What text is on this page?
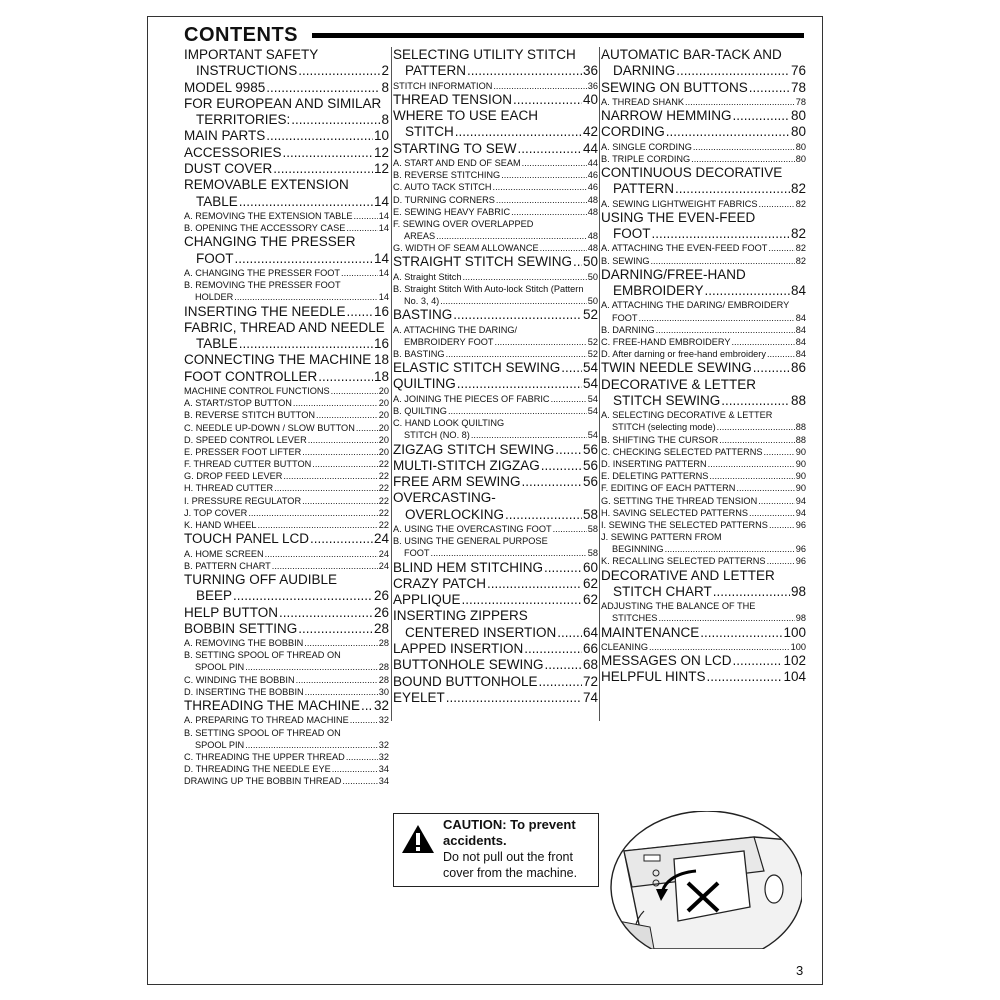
CONTENTS
IMPORTANT SAFETY
INSTRUCTIONS .....	2
MODEL 9985 .....	8
FOR EUROPEAN AND SIMILAR
TERRITORIES: .....	8
MAIN PARTS .....	10
ACCESSORIES .....	12
DUST COVER .....	12
REMOVABLE EXTENSION
TABLE .....	14
A. REMOVING THE EXTENSION TABLE .....	14
B. OPENING THE ACCESSORY CASE .....	14
CHANGING THE PRESSER
FOOT .....	14
A. CHANGING THE PRESSER FOOT .....	14
B. REMOVING THE PRESSER FOOT
HOLDER .....	14
INSERTING THE NEEDLE ..... 16
FABRIC, THREAD AND NEEDLE
TABLE .....	16
CONNECTING THE MACHINE ..... 18
FOOT CONTROLLER .....	18
MACHINE CONTROL FUNCTIONS .....	20
A. START/STOP BUTTON .....	20
B. REVERSE STITCH BUTTON .....	20
C. NEEDLE UP-DOWN / SLOW BUTTON .....	20
D. SPEED CONTROL LEVER .....	20
E. PRESSER FOOT LIFTER .....	20
F. THREAD CUTTER BUTTON .....	22
G. DROP FEED LEVER .....	22
H. THREAD CUTTER .....	22
I. PRESSURE REGULATOR .....	22
J. TOP COVER .....	22
K. HAND WHEEL .....	22
TOUCH PANEL LCD .....	24
A. HOME SCREEN .....	24
B. PATTERN CHART .....	24
TURNING OFF AUDIBLE
BEEP .....	26
HELP BUTTON .....	26
BOBBIN SETTING .....	28
A. REMOVING THE BOBBIN .....	28
B. SETTING SPOOL OF THREAD ON
SPOOL PIN .....	28
C. WINDING THE BOBBIN .....	28
D. INSERTING THE BOBBIN .....	30
THREADING THE MACHINE ..... 32
A. PREPARING TO THREAD MACHINE .....	32
B. SETTING SPOOL OF THREAD ON
SPOOL PIN .....	32
C. THREADING THE UPPER THREAD .....	32
D. THREADING THE NEEDLE EYE .....	34
DRAWING UP THE BOBBIN THREAD .....	34
SELECTING UTILITY STITCH
PATTERN .....	36
STITCH INFORMATION .....	36
THREAD TENSION .....	40
WHERE TO USE EACH
STITCH .....	42
STARTING TO SEW .....	44
A. START AND END OF SEAM .....	44
B. REVERSE STITCHING .....	46
C. AUTO TACK STITCH .....	46
D. TURNING CORNERS .....	48
E. SEWING HEAVY FABRIC .....	48
F. SEWING OVER OVERLAPPED
AREAS .....	48
G. WIDTH OF SEAM ALLOWANCE .....	48
STRAIGHT STITCH SEWING ..... 50
A. Straight Stitch .....	50
B. Straight Stitch With Auto-lock Stitch (Pattern
No. 3, 4) .....	50
BASTING .....	52
A. ATTACHING THE DARING/
EMBROIDERY FOOT .....	52
B. BASTING .....	52
ELASTIC STITCH SEWING ..... 54
QUILTING .....	54
A. JOINING THE PIECES OF FABRIC .....	54
B. QUILTING .....	54
C. HAND LOOK QUILTING
STITCH (NO. 8) .....	54
ZIGZAG STITCH SEWING ..... 56
MULTI-STITCH ZIGZAG .....	56
FREE ARM SEWING .....	56
OVERCASTING-
OVERLOCKING .....	58
A. USING THE OVERCASTING FOOT .....	58
B. USING THE GENERAL PURPOSE
FOOT .....	58
BLIND HEM STITCHING .....	60
CRAZY PATCH .....	62
APPLIQUE .....	62
INSERTING ZIPPERS
CENTERED INSERTION ..... 64
LAPPED INSERTION .....	66
BUTTONHOLE SEWING .....	68
BOUND BUTTONHOLE .....	72
EYELET .....	74
AUTOMATIC BAR-TACK AND
DARNING .....	76
SEWING ON BUTTONS .....	78
A. THREAD SHANK .....	78
NARROW HEMMING .....	80
CORDING .....	80
A. SINGLE CORDING .....	80
B. TRIPLE CORDING .....	80
CONTINUOUS DECORATIVE
PATTERN .....	82
A. SEWING LIGHTWEIGHT FABRICS .....	82
USING THE EVEN-FEED
FOOT .....	82
A. ATTACHING THE EVEN-FEED FOOT .....	82
B. SEWING .....	82
DARNING/FREE-HAND
EMBROIDERY .....	84
A. ATTACHING THE DARING/ EMBROIDERY
FOOT .....	84
B. DARNING .....	84
C. FREE-HAND EMBROIDERY .....	84
D. After darning or free-hand embroidery .....	84
TWIN NEEDLE SEWING .....	86
DECORATIVE & LETTER
STITCH SEWING .....	88
A. SELECTING DECORATIVE & LETTER
STITCH (selecting mode) .....	88
B. SHIFTING THE CURSOR .....	88
C. CHECKING SELECTED PATTERNS .....	90
D. INSERTING PATTERN .....	90
E. DELETING PATTERNS .....	90
F. EDITING OF EACH PATTERN .....	90
G. SETTING THE THREAD TENSION .....	94
H. SAVING SELECTED PATTERNS .....	94
I. SEWING THE SELECTED PATTERNS .....	96
J. SEWING PATTERN FROM
BEGINNING .....	96
K. RECALLING SELECTED PATTERNS .....	96
DECORATIVE AND LETTER
STITCH CHART .....	98
ADJUSTING THE BALANCE OF THE
STITCHES .....	98
MAINTENANCE .....	100
CLEANING .....	100
MESSAGES ON LCD .....	102
HELPFUL HINTS .....	104
CAUTION: To prevent accidents.
Do not pull out the front cover from the machine.
3
